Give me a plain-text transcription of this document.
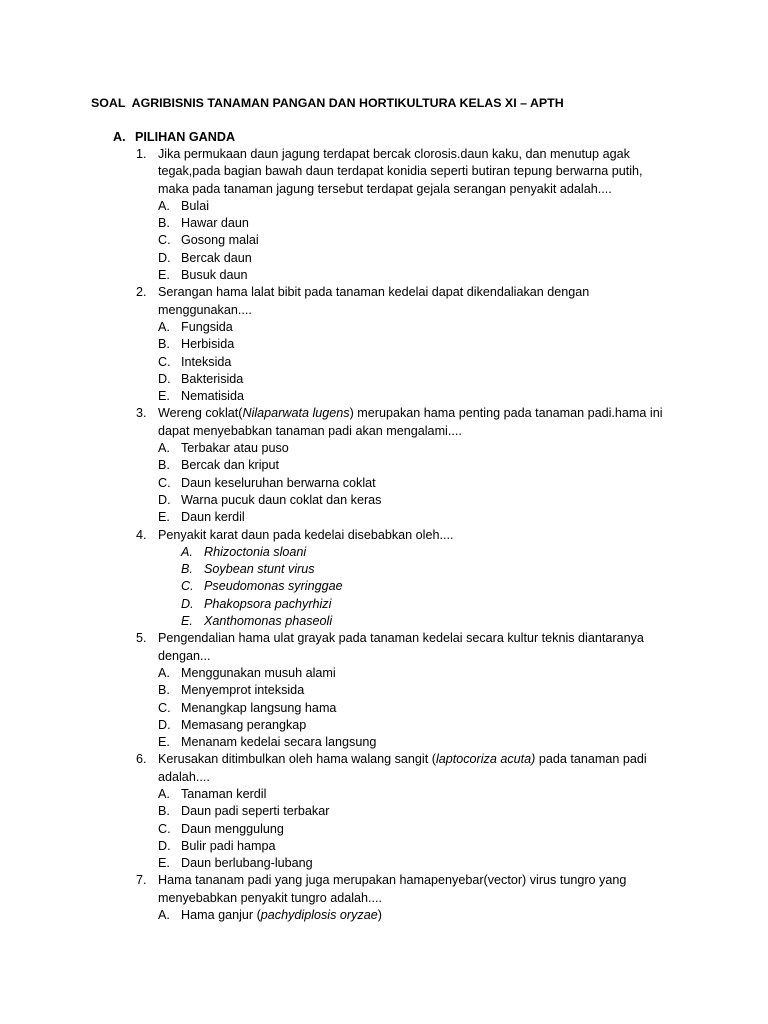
SOAL  AGRIBISNIS TANAMAN PANGAN DAN HORTIKULTURA KELAS XI – APTH
A. PILIHAN GANDA
1. Jika permukaan daun jagung terdapat bercak clorosis.daun kaku, dan menutup agak
tegak,pada bagian bawah daun terdapat konidia seperti butiran tepung berwarna putih,
maka pada tanaman jagung tersebut terdapat gejala serangan penyakit adalah....
A. Bulai
B. Hawar daun
C. Gosong malai
D. Bercak daun
E. Busuk daun
2. Serangan hama lalat bibit pada tanaman kedelai dapat dikendaliakan dengan
menggunakan....
A. Fungsida
B. Herbisida
C. Inteksida
D. Bakterisida
E. Nematisida
3. Wereng coklat(Nilaparwata lugens) merupakan hama penting pada tanaman padi.hama ini
dapat menyebabkan tanaman padi akan mengalami....
A. Terbakar atau puso
B. Bercak dan kriput
C. Daun keseluruhan berwarna coklat
D. Warna pucuk daun coklat dan keras
E. Daun kerdil
4. Penyakit karat daun pada kedelai disebabkan oleh....
A. Rhizoctonia sloani
B. Soybean stunt virus
C. Pseudomonas syringgae
D. Phakopsora pachyrhizi
E. Xanthomonas phaseoli
5. Pengendalian hama ulat grayak pada tanaman kedelai secara kultur teknis diantaranya
dengan...
A. Menggunakan musuh alami
B. Menyemprot inteksida
C. Menangkap langsung hama
D. Memasang perangkap
E. Menanam kedelai secara langsung
6. Kerusakan ditimbulkan oleh hama walang sangit (laptocoriza acuta) pada tanaman padi
adalah....
A. Tanaman kerdil
B. Daun padi seperti terbakar
C. Daun menggulung
D. Bulir padi hampa
E. Daun berlubang-lubang
7. Hama tananam padi yang juga merupakan hamapenyebar(vector) virus tungro yang
menyebabkan penyakit tungro adalah....
A. Hama ganjur (pachydiplosis oryzae)
